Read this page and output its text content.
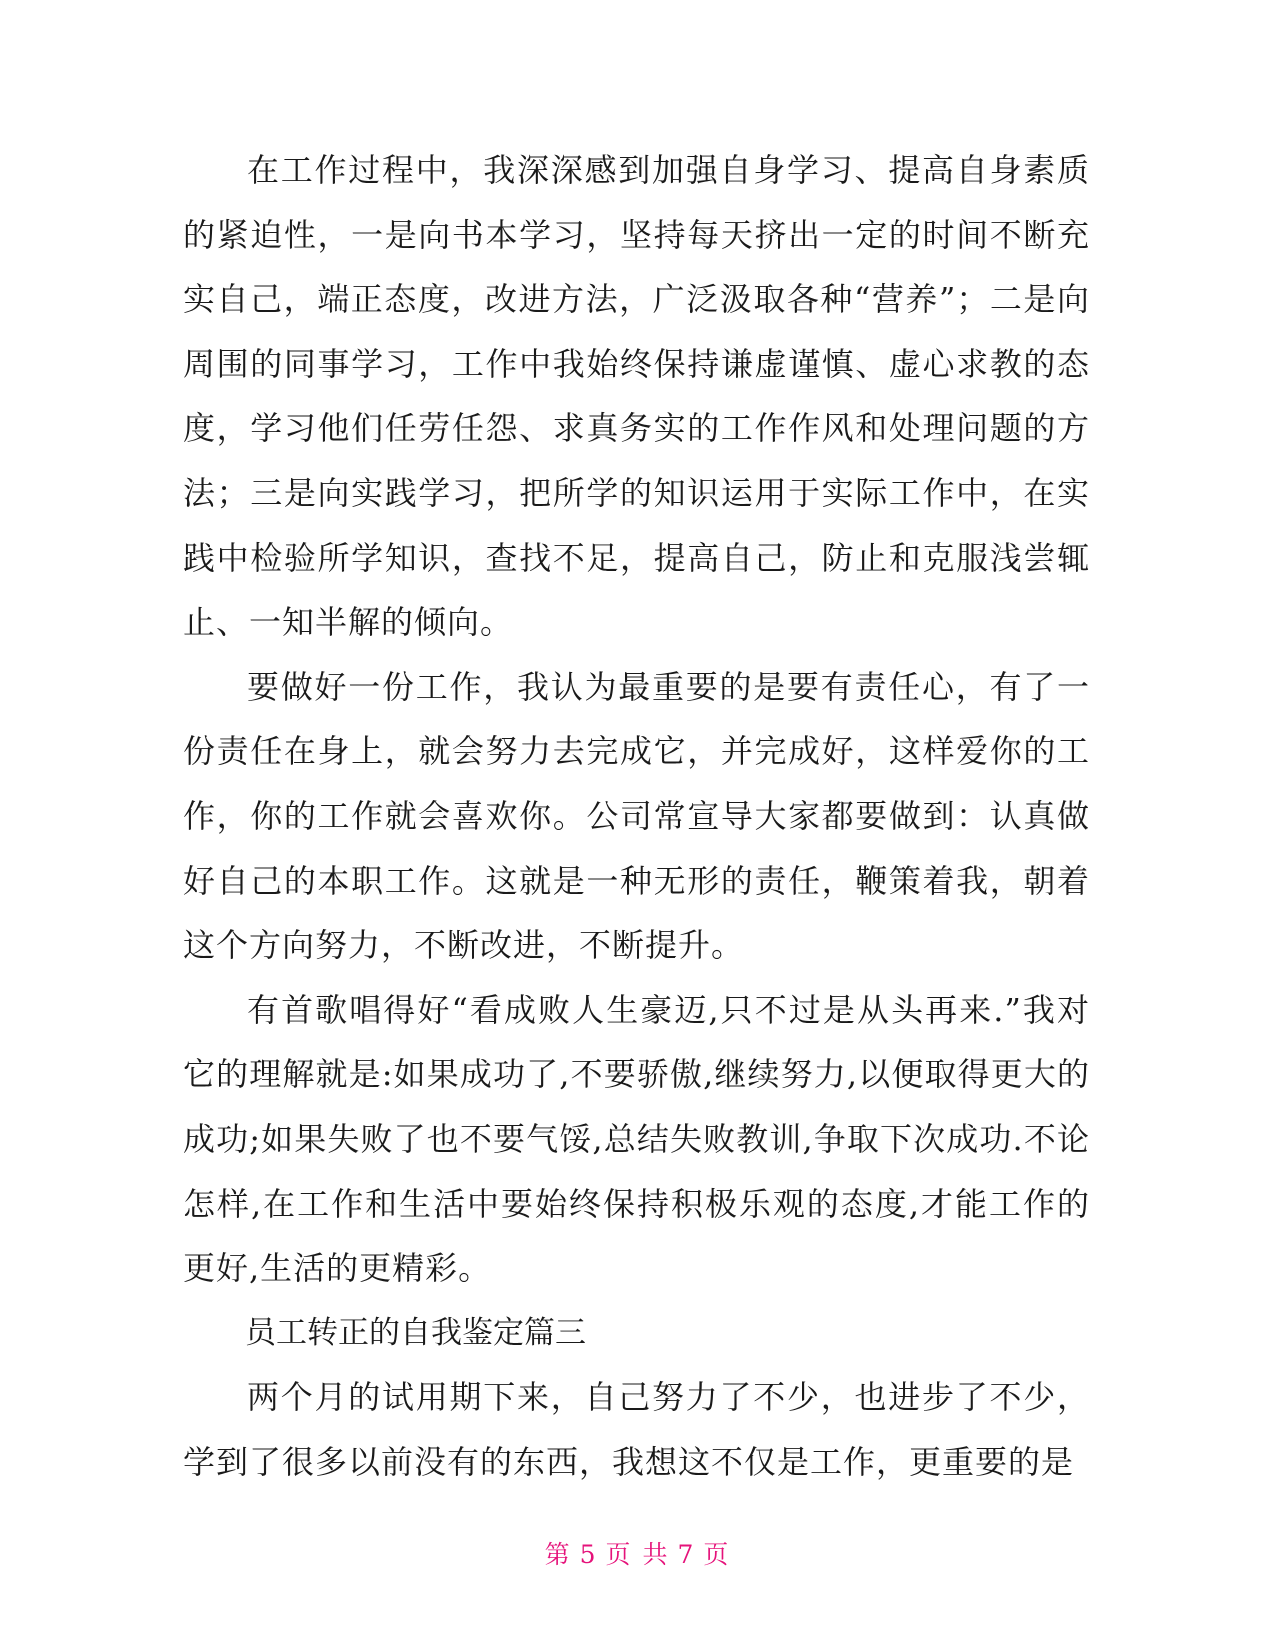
在工作过程中，我深深感到加强自身学习、提高自身素质的紧迫性，一是向书本学习，坚持每天挤出一定的时间不断充实自己，端正态度，改进方法，广泛汲取各种“营养”；二是向周围的同事学习，工作中我始终保持谦虚谨慎、虚心求教的态度，学习他们任劳任怨、求真务实的工作作风和处理问题的方法；三是向实践学习，把所学的知识运用于实际工作中，在实践中检验所学知识，查找不足，提高自己，防止和克服浅尝辄止、一知半解的倾向。

要做好一份工作，我认为最重要的是要有责任心，有了一份责任在身上，就会努力去完成它，并完成好，这样爱你的工作，你的工作就会喜欢你。公司常宣导大家都要做到：认真做好自己的本职工作。这就是一种无形的责任，鞭策着我，朝着这个方向努力，不断改进，不断提升。

有首歌唱得好“看成败人生豪迈,只不过是从头再来.”我对它的理解就是:如果成功了,不要骄傲,继续努力,以便取得更大的成功;如果失败了也不要气馁,总结失败教训,争取下次成功.不论怎样,在工作和生活中要始终保持积极乐观的态度,才能工作的更好,生活的更精彩。

员工转正的自我鉴定篇三

两个月的试用期下来，自己努力了不少，也进步了不少，学到了很多以前没有的东西，我想这不仅是工作，更重要的是

第 5 页 共 7 页
